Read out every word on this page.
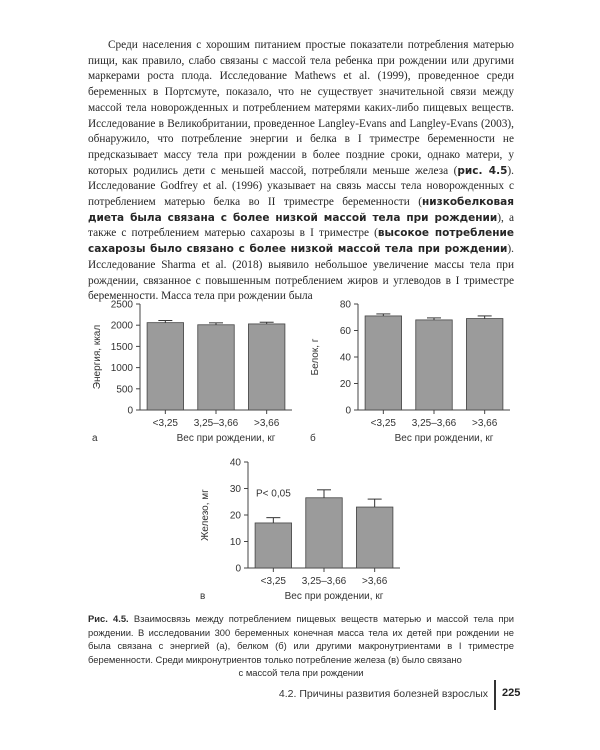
Среди населения с хорошим питанием простые показатели потребления матерью пищи, как правило, слабо связаны с массой тела ребенка при рождении или другими маркерами роста плода. Исследование Mathews et al. (1999), проведенное среди беременных в Портсмуте, показало, что не существует значительной связи между массой тела новорожденных и потреблением матерями каких-либо пищевых веществ. Исследование в Великобритании, проведенное Langley-Evans and Langley-Evans (2003), обнаружило, что потребление энергии и белка в I триместре беременности не предсказывает массу тела при рождении в более поздние сроки, однако матери, у которых родились дети с меньшей массой, потребляли меньше железа (рис. 4.5). Исследование Godfrey et al. (1996) указывает на связь массы тела новорожденных с потреблением матерью белка во II триместре беременности (низкобелковая диета была связана с более низкой массой тела при рождении), а также с потреблением матерью сахарозы в I триместре (высокое потребление сахарозы было связано с более низкой массой тела при рождении). Исследование Sharma et al. (2018) выявило небольшое увеличение массы тела при рождении, связанное с повышенным потреблением жиров и углеводов в I триместре беременности. Масса тела при рождении была

0
500
1000
1500
2000
2500
Энергия, ккал
<3,25 3,25–3,66 >3,66
Вес при рождении, кг
а
0
20
40
60
80
Белок, г
<3,25 3,25–3,66 >3,66
Вес при рождении, кг
б
0
10
20
30
40
Железо, мг
<3,25 3,25–3,66 >3,66
P< 0,05
Вес при рождении, кг
в

Рис. 4.5. Взаимосвязь между потреблением пищевых веществ матерью и массой тела при рождении. В исследовании 300 беременных конечная масса тела их детей при рождении не была связана с энергией (а), белком (б) или другими макронутриентами в I триместре беременности. Среди микронутриентов только потребление железа (в) было связано
с массой тела при рождении

4.2. Причины развития болезней взрослых 225
